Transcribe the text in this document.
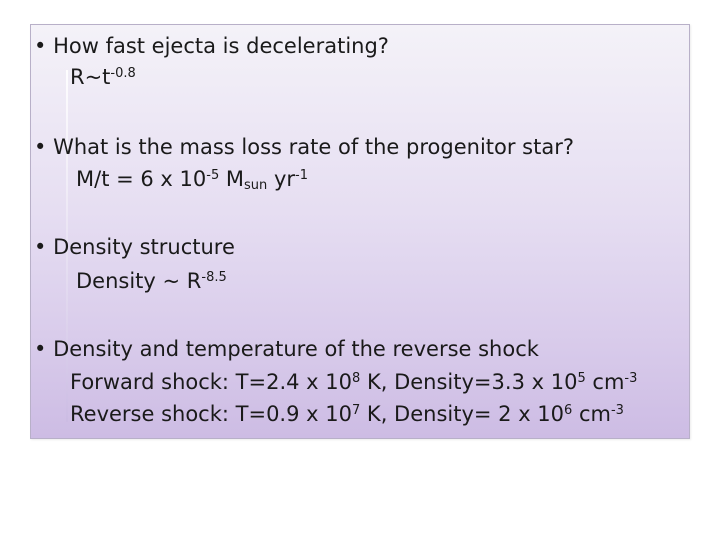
• How fast ejecta is decelerating?
$R\sim t^{-0.8}$
• What is the mass loss rate of the progenitor star?
M/t = 6 x $10^{-5}$ $M_{sun}$ $yr^{-1}$
• Density structure
Density ~ $R^{-8.5}$
• Density and temperature of the reverse shock
Forward shock: T=2.4 x $10^8$ K, Density=3.3 x $10^5$ $cm^{-3}$
Reverse shock: T=0.9 x $10^7$ K, Density= 2 x $10^6$ $cm^{-3}$
